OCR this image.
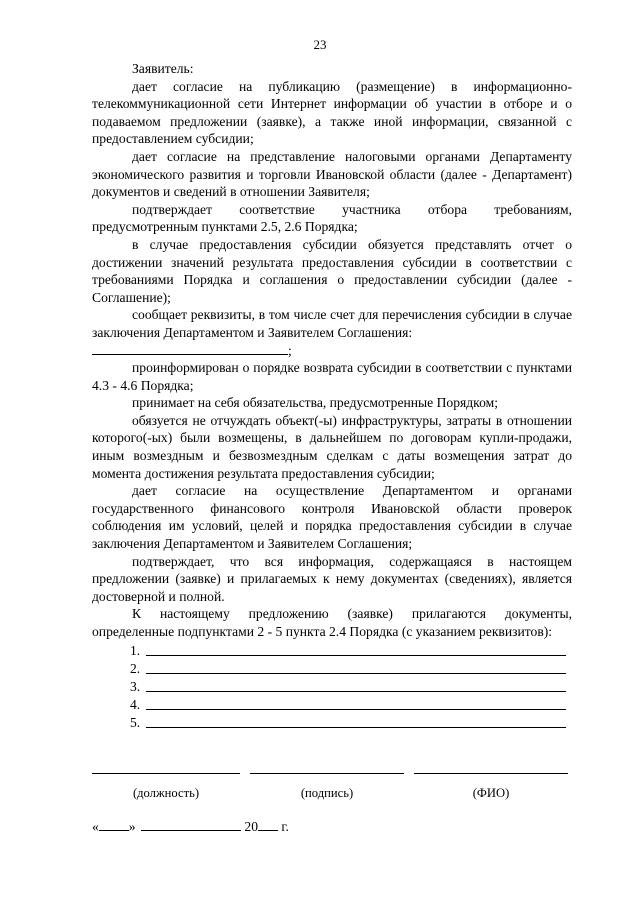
23

Заявитель:

дает согласие на публикацию (размещение) в информационно-телекоммуникационной сети Интернет информации об участии в отборе и о подаваемом предложении (заявке), а также иной информации, связанной с предоставлением субсидии;

дает согласие на представление налоговыми органами Департаменту экономического развития и торговли Ивановской области (далее - Департамент) документов и сведений в отношении Заявителя;

подтверждает соответствие участника отбора требованиям, предусмотренным пунктами 2.5, 2.6 Порядка;

в случае предоставления субсидии обязуется представлять отчет о достижении значений результата предоставления субсидии в соответствии с требованиями Порядка и соглашения о предоставлении субсидии (далее - Соглашение);

сообщает реквизиты, в том числе счет для перечисления субсидии в случае заключения Департаментом и Заявителем Соглашения:

;

проинформирован о порядке возврата субсидии в соответствии с пунктами 4.3 - 4.6 Порядка;

принимает на себя обязательства, предусмотренные Порядком;

обязуется не отчуждать объект(-ы) инфраструктуры, затраты в отношении которого(-ых) были возмещены, в дальнейшем по договорам купли-продажи, иным возмездным и безвозмездным сделкам с даты возмещения затрат до момента достижения результата предоставления субсидии;

дает согласие на осуществление Департаментом и органами государственного финансового контроля Ивановской области проверок соблюдения им условий, целей и порядка предоставления субсидии в случае заключения Департаментом и Заявителем Соглашения;

подтверждает, что вся информация, содержащаяся в настоящем предложении (заявке) и прилагаемых к нему документах (сведениях), является достоверной и полной.

К настоящему предложению (заявке) прилагаются документы, определенные подпунктами 2 - 5 пункта 2.4 Порядка (с указанием реквизитов):

1.
2.
3.
4.
5.
(должность)	(подпись)	(ФИО)
« »	20 г.
